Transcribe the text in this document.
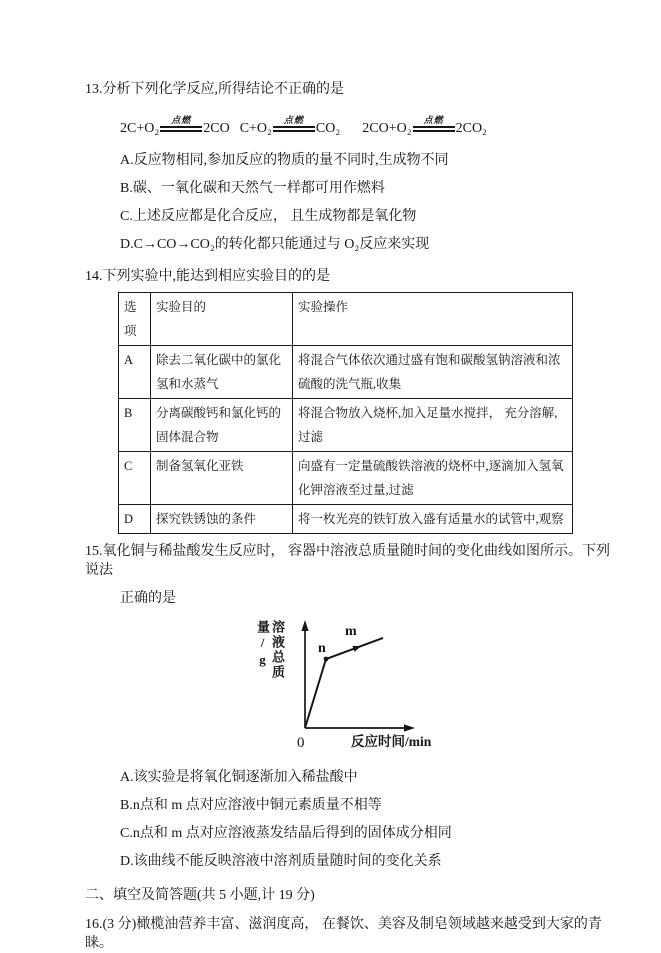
13.分析下列化学反应,所得结论不正确的是

2C+O₂
点燃
2CO C+O₂
点燃
CO₂ 2CO+O₂
点燃
2CO₂

A.反应物相同,参加反应的物质的量不同时,生成物不同

B.碳、一氧化碳和天然气一样都可用作燃料

C.上述反应都是化合反应， 且生成物都是氧化物

D.C→CO→CO₂的转化都只能通过与 O₂反应来实现

14.下列实验中,能达到相应实验目的的是

选项	实验目的	实验操作
A	除去二氧化碳中的氯化氢和水蒸气	将混合气体依次通过盛有饱和碳酸氢钠溶液和浓硫酸的洗气瓶,收集
B	分离碳酸钙和氯化钙的固体混合物	将混合物放入烧杯,加入足量水搅拌， 充分溶解,过滤
C	制备氢氧化亚铁	向盛有一定量硫酸铁溶液的烧杯中,逐滴加入氢氧化钾溶液至过量,过滤
D	探究铁锈蚀的条件	将一枚光亮的铁钉放入盛有适量水的试管中,观察

15.氧化铜与稀盐酸发生反应时， 容器中溶液总质量随时间的变化曲线如图所示。下列说法

正确的是

溶液总质量/g	n
m
0	反应时间/min

A.该实验是将氧化铜逐渐加入稀盐酸中

B.n点和 m 点对应溶液中铜元素质量不相等

C.n点和 m 点对应溶液蒸发结晶后得到的固体成分相同

D.该曲线不能反映溶液中溶剂质量随时间的变化关系

二、填空及简答题(共 5 小题,计 19 分)

16.(3 分)橄榄油营养丰富、滋润度高， 在餐饮、美容及制皂领域越来越受到大家的青睐。
